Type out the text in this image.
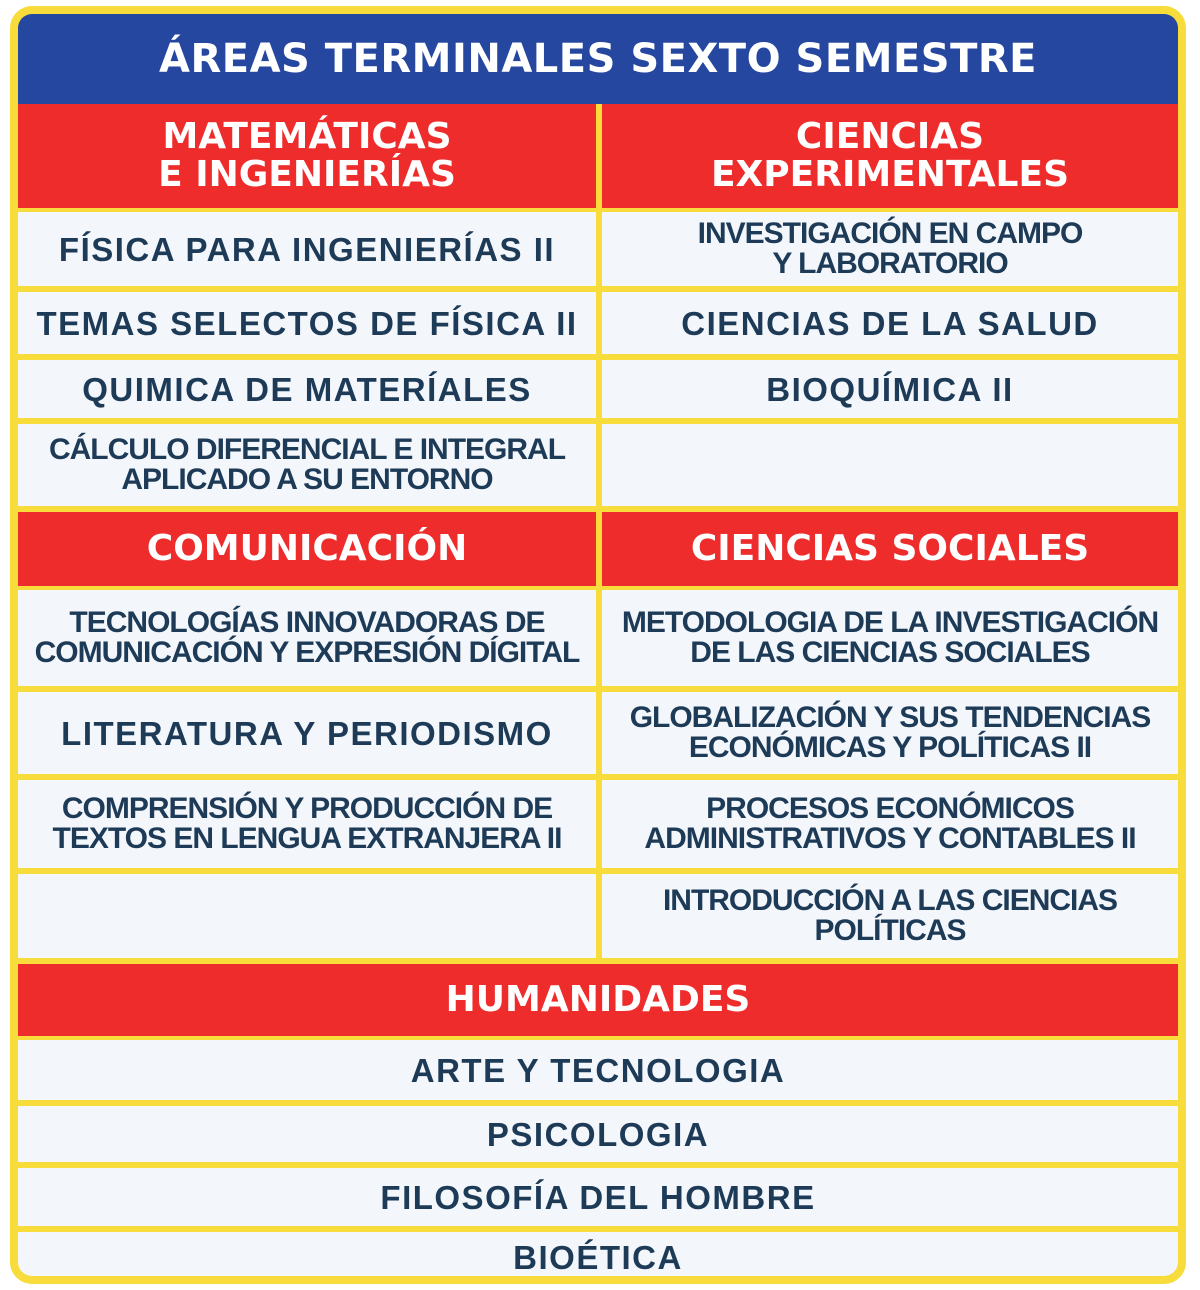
ÁREAS TERMINALES SEXTO SEMESTRE
MATEMÁTICAS
E INGENIERÍAS
CIENCIAS
EXPERIMENTALES
FÍSICA PARA INGENIERÍAS II
TEMAS SELECTOS DE FÍSICA II
QUIMICA DE MATERÍALES
CÁLCULO DIFERENCIAL E INTEGRAL
APLICADO A SU ENTORNO
INVESTIGACIÓN EN CAMPO
Y LABORATORIO
CIENCIAS DE LA SALUD
BIOQUÍMICA II
COMUNICACIÓN	CIENCIAS SOCIALES
TECNOLOGÍAS INNOVADORAS DE
COMUNICACIÓN Y EXPRESIÓN DÍGITAL
LITERATURA Y PERIODISMO
COMPRENSIÓN Y PRODUCCIÓN DE
TEXTOS EN LENGUA EXTRANJERA II
METODOLOGIA DE LA INVESTIGACIÓN
DE LAS CIENCIAS SOCIALES
GLOBALIZACIÓN Y SUS TENDENCIAS
ECONÓMICAS Y POLÍTICAS II
PROCESOS ECONÓMICOS
ADMINISTRATIVOS Y CONTABLES II
INTRODUCCIÓN A LAS CIENCIAS
POLÍTICAS
HUMANIDADES
ARTE Y TECNOLOGIA
PSICOLOGIA
FILOSOFÍA DEL HOMBRE
BIOÉTICA
